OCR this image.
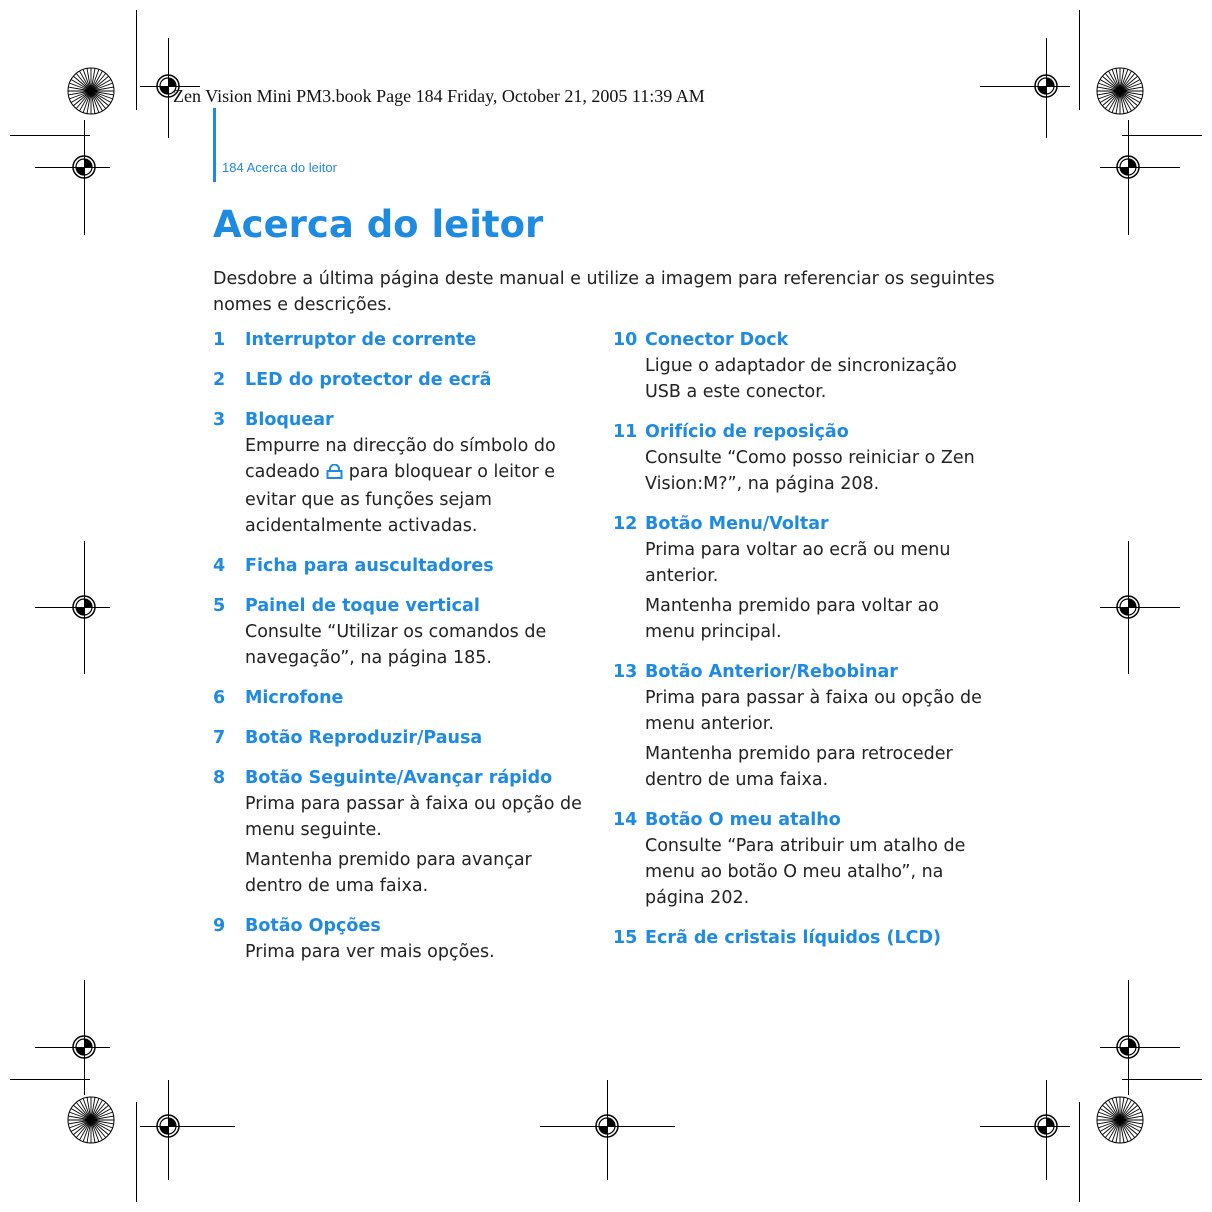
Zen Vision Mini PM3.book Page 184 Friday, October 21, 2005 11:39 AM
184 Acerca do leitor
Acerca do leitor

Desdobre a última página deste manual e utilize a imagem para referenciar os seguintes nomes e descrições.

1	Interruptor de corrente
2	LED do protector de ecrã
3	Bloquear

Empurre na direcção do símbolo do cadeado para bloquear o leitor e evitar que as funções sejam acidentalmente activadas.

4	Ficha para auscultadores
5	Painel de toque vertical

Consulte “Utilizar os comandos de navegação”, na página 185.

6	Microfone
7	Botão Reproduzir/Pausa
8	Botão Seguinte/Avançar rápido

Prima para passar à faixa ou opção de menu seguinte.

Mantenha premido para avançar dentro de uma faixa.

9	Botão Opções

Prima para ver mais opções.

10 Conector Dock

Ligue o adaptador de sincronização USB a este conector.

11 Orifício de reposição

Consulte “Como posso reiniciar o Zen Vision:M?”, na página 208.

12 Botão Menu/Voltar

Prima para voltar ao ecrã ou menu anterior.

Mantenha premido para voltar ao menu principal.

13 Botão Anterior/Rebobinar

Prima para passar à faixa ou opção de menu anterior.

Mantenha premido para retroceder dentro de uma faixa.

14 Botão O meu atalho

Consulte “Para atribuir um atalho de menu ao botão O meu atalho”, na página 202.

15 Ecrã de cristais líquidos (LCD)
